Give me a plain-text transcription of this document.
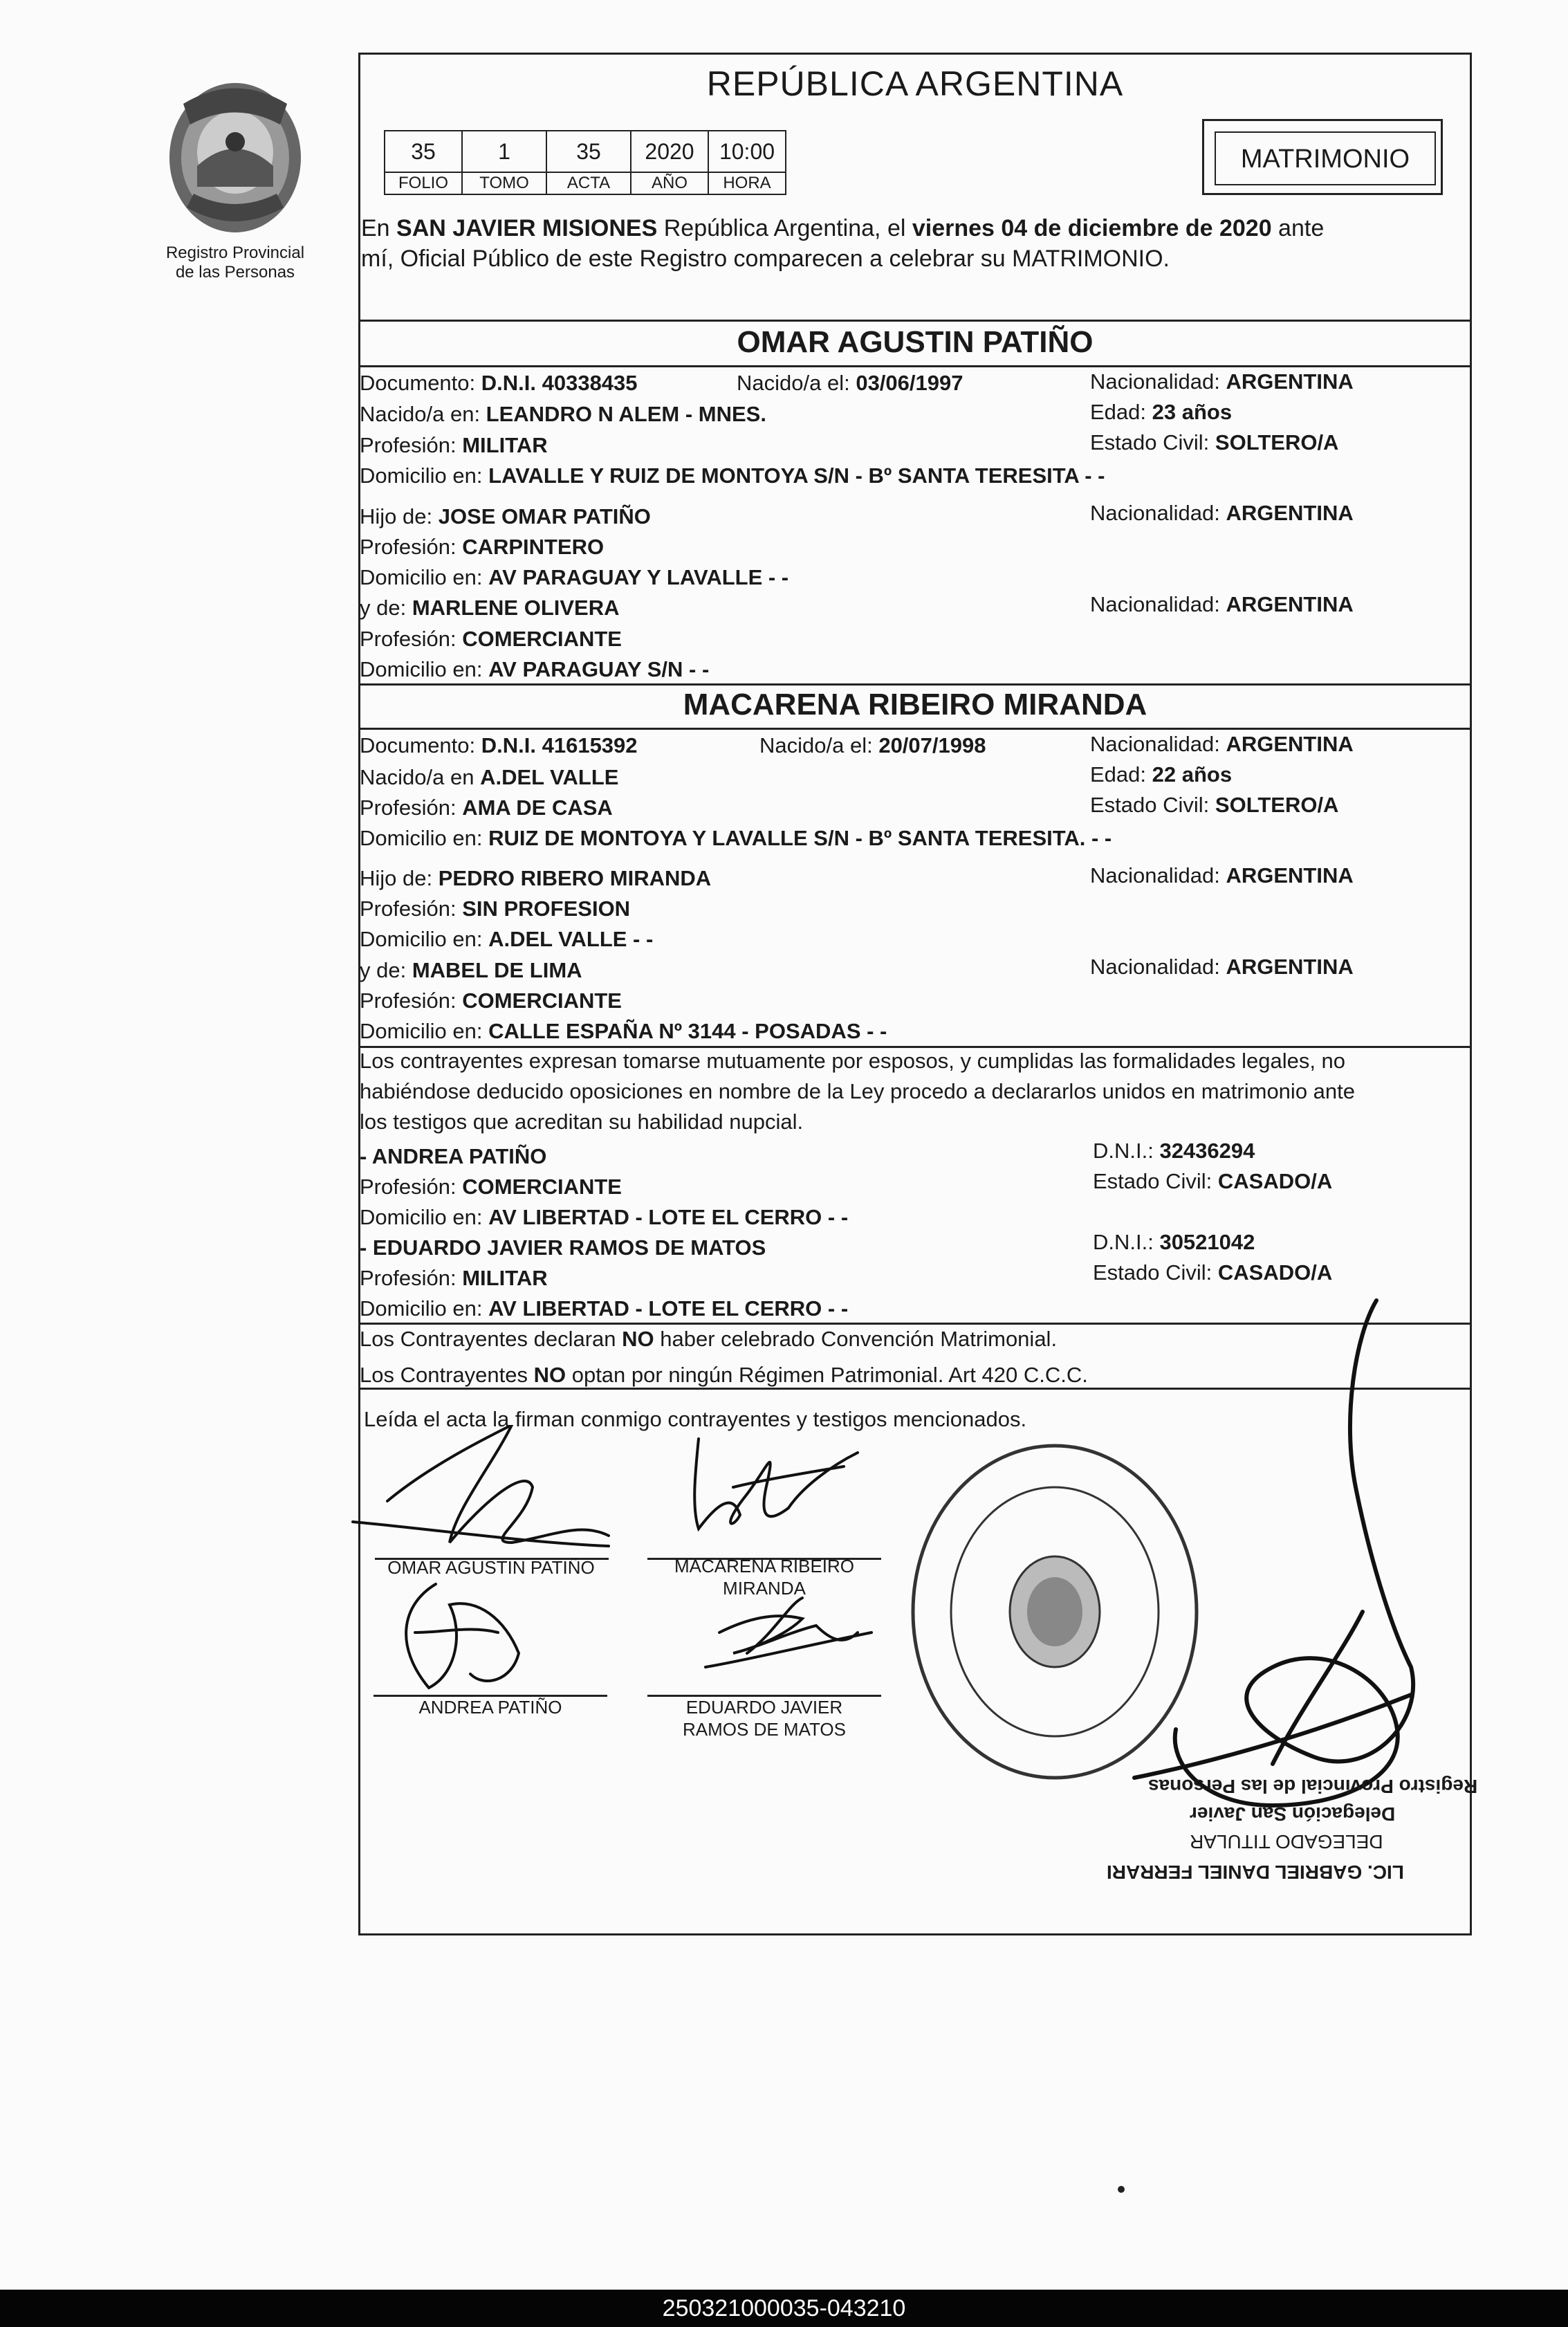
Registro Provincial
de las Personas
REPÚBLICA ARGENTINA
35	1	35	2020	10:00
FOLIO	TOMO	ACTA	AÑO	HORA
MATRIMONIO
En SAN JAVIER MISIONES República Argentina, el viernes 04 de diciembre de 2020 ante
mí, Oficial Público de este Registro comparecen a celebrar su MATRIMONIO.
OMAR AGUSTIN PATIÑO
Documento: D.N.I. 40338435	Nacido/a el: 03/06/1997	Nacionalidad: ARGENTINA
Nacido/a en: LEANDRO N ALEM - MNES.	Edad: 23 años
Profesión: MILITAR	Estado Civil: SOLTERO/A
Domicilio en: LAVALLE Y RUIZ DE MONTOYA S/N - Bº SANTA TERESITA - -
Hijo de: JOSE OMAR PATIÑO	Nacionalidad: ARGENTINA
Profesión: CARPINTERO
Domicilio en: AV PARAGUAY Y LAVALLE - -
y de: MARLENE OLIVERA	Nacionalidad: ARGENTINA
Profesión: COMERCIANTE
Domicilio en: AV PARAGUAY S/N - -
MACARENA RIBEIRO MIRANDA
Documento: D.N.I. 41615392	Nacido/a el: 20/07/1998	Nacionalidad: ARGENTINA
Nacido/a en A.DEL VALLE	Edad: 22 años
Profesión: AMA DE CASA	Estado Civil: SOLTERO/A
Domicilio en: RUIZ DE MONTOYA Y LAVALLE S/N - Bº SANTA TERESITA. - -
Hijo de: PEDRO RIBERO MIRANDA	Nacionalidad: ARGENTINA
Profesión: SIN PROFESION
Domicilio en: A.DEL VALLE - -
y de: MABEL DE LIMA	Nacionalidad: ARGENTINA
Profesión: COMERCIANTE
Domicilio en: CALLE ESPAÑA Nº 3144 - POSADAS - -
Los contrayentes expresan tomarse mutuamente por esposos, y cumplidas las formalidades legales, no
habiéndose deducido oposiciones en nombre de la Ley procedo a declararlos unidos en matrimonio ante
los testigos que acreditan su habilidad nupcial.
- ANDREA PATIÑO	D.N.I.: 32436294
Profesión: COMERCIANTE	Estado Civil: CASADO/A
Domicilio en: AV LIBERTAD - LOTE EL CERRO - -
- EDUARDO JAVIER RAMOS DE MATOS	D.N.I.: 30521042
Profesión: MILITAR	Estado Civil: CASADO/A
Domicilio en: AV LIBERTAD - LOTE EL CERRO - -
Los Contrayentes declaran NO haber celebrado Convención Matrimonial.
Los Contrayentes NO optan por ningún Régimen Patrimonial. Art 420 C.C.C.
Leída el acta la firman conmigo contrayentes y testigos mencionados.
OMAR AGUSTIN PATIÑO	MACARENA RIBEIRO
MIRANDA
ANDREA PATIÑO	EDUARDO JAVIER
RAMOS DE MATOS
Registro Provincial de las Personas
Delegación San Javier
DELEGADO TITULAR
LIC. GABRIEL DANIEL FERRARI
250321000035-043210
